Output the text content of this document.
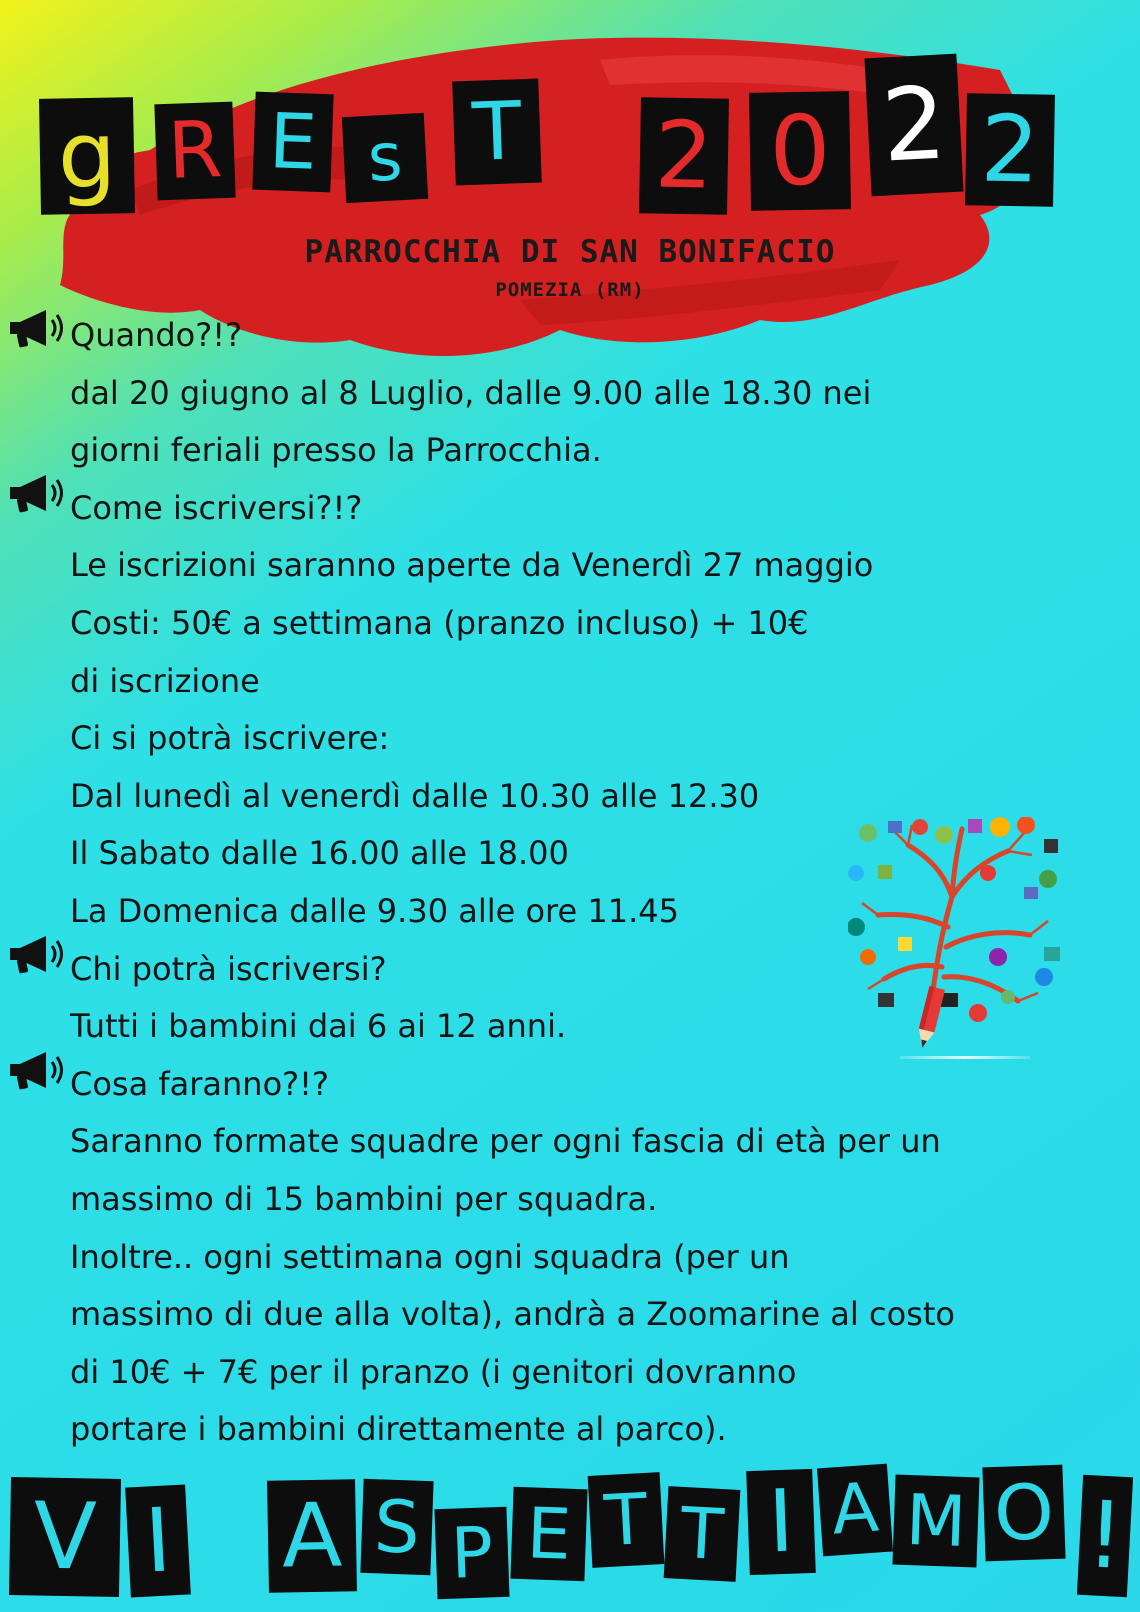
g R E s T 2 0 2 2
PARROCCHIA DI SAN BONIFACIO
POMEZIA (RM)
Quando?!?
dal 20 giugno al 8 Luglio, dalle 9.00 alle 18.30 nei
giorni feriali presso la Parrocchia.
Come iscriversi?!?
Le iscrizioni saranno aperte da Venerdì 27 maggio
Costi: 50€ a settimana (pranzo incluso) + 10€
di iscrizione
Ci si potrà iscrivere:
Dal lunedì al venerdì dalle 10.30 alle 12.30
Il Sabato dalle 16.00 alle 18.00
La Domenica dalle 9.30 alle ore 11.45
Chi potrà iscriversi?
Tutti i bambini dai 6 ai 12 anni.
Cosa faranno?!?
Saranno formate squadre per ogni fascia di età per un
massimo di 15 bambini per squadra.
Inoltre.. ogni settimana ogni squadra (per un
massimo di due alla volta), andrà a Zoomarine al costo
di 10€ + 7€ per il pranzo (i genitori dovranno
portare i bambini direttamente al parco).
V I A S P E T T I A M O !
